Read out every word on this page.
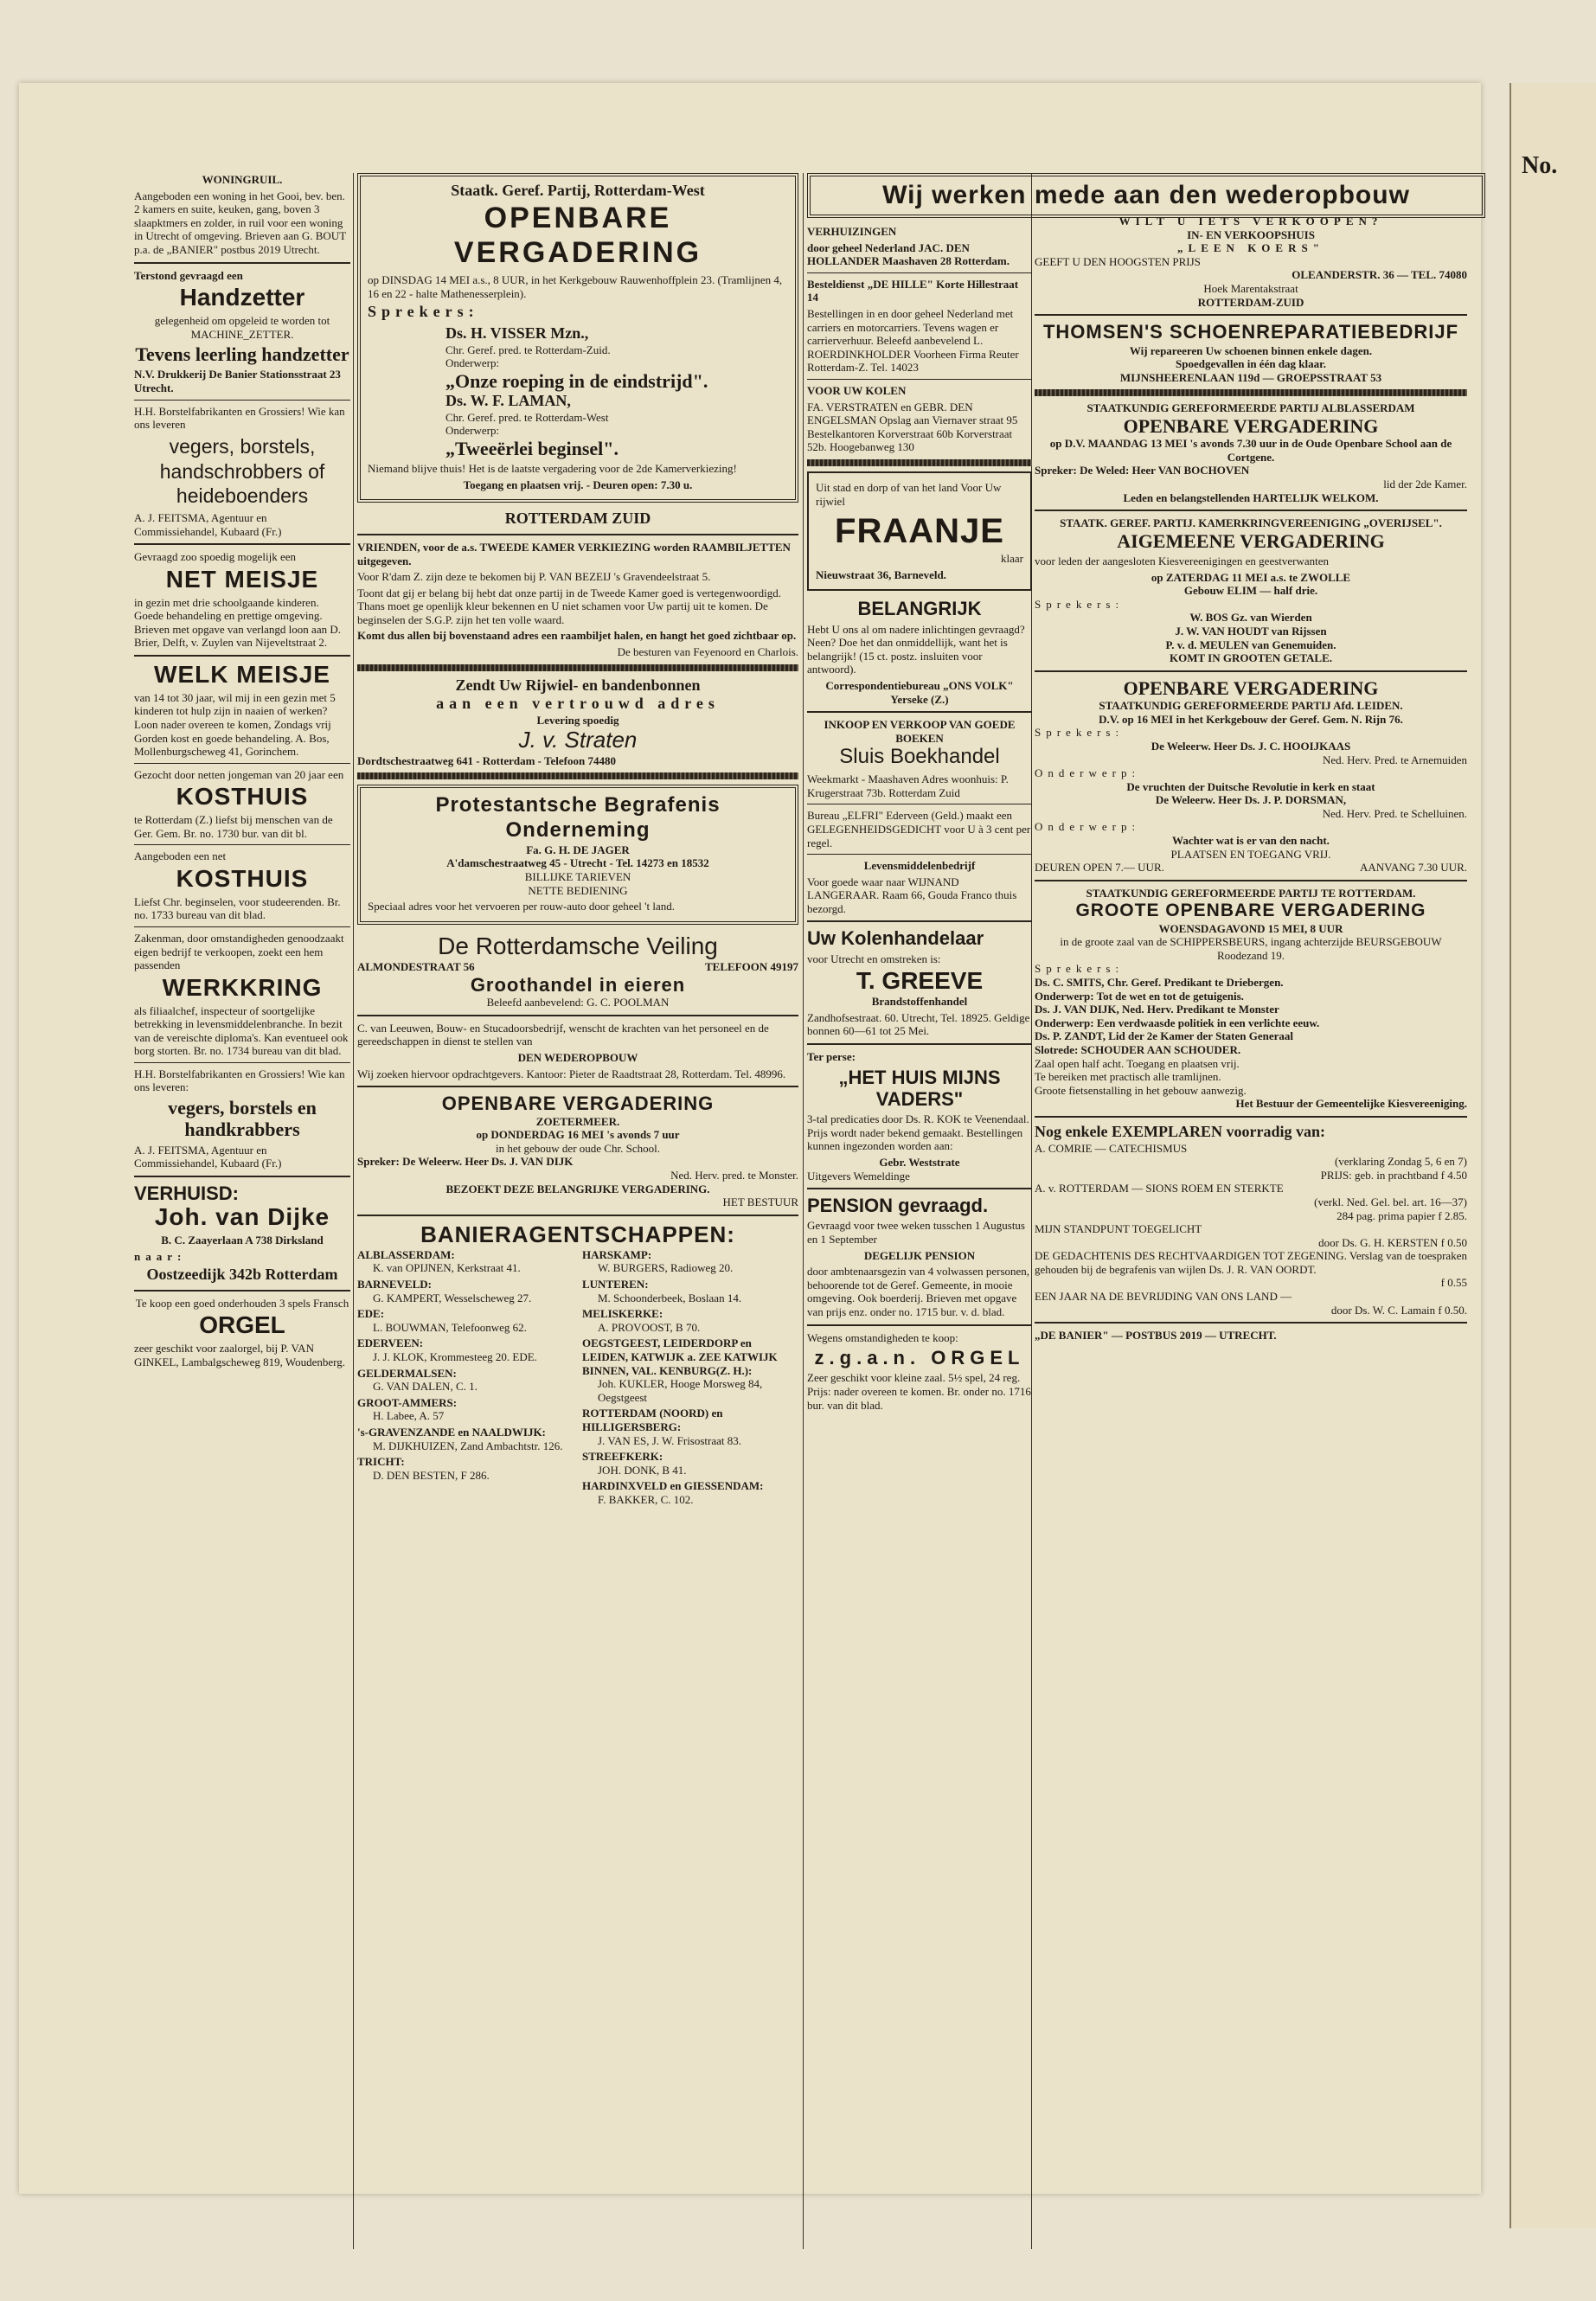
No.
WONINGRUIL.

Aangeboden een woning in het Gooi, bev. ben. 2 kamers en suite, keuken, gang, boven 3 slaapktmers en zolder, in ruil voor een woning in Utrecht of omgeving. Brieven aan G. BOUT p.a. de „BANIER" postbus 2019 Utrecht.

Terstond gevraagd een

Handzetter

gelegenheid om opgeleid te worden tot MACHINE_ZETTER.

Tevens leerling handzetter

N.V. Drukkerij De Banier Stationsstraat 23 Utrecht.

H.H. Borstelfabrikanten en Grossiers! Wie kan ons leveren

vegers, borstels, handschrobbers of heideboenders

A. J. FEITSMA, Agentuur en Commissiehandel, Kubaard (Fr.)

Gevraagd zoo spoedig mogelijk een

NET MEISJE

in gezin met drie schoolgaande kinderen. Goede behandeling en prettige omgeving. Brieven met opgave van verlangd loon aan D. Brier, Delft, v. Zuylen van Nijeveltstraat 2.

WELK MEISJE

van 14 tot 30 jaar, wil mij in een gezin met 5 kinderen tot hulp zijn in naaien of werken? Loon nader overeen te komen, Zondags vrij Gorden kost en goede behandeling. A. Bos, Mollenburgscheweg 41, Gorinchem.

Gezocht door netten jongeman van 20 jaar een

KOSTHUIS

te Rotterdam (Z.) liefst bij menschen van de Ger. Gem. Br. no. 1730 bur. van dit bl.

Aangeboden een net

KOSTHUIS

Liefst Chr. beginselen, voor studeerenden. Br. no. 1733 bureau van dit blad.

Zakenman, door omstandigheden genoodzaakt eigen bedrijf te verkoopen, zoekt een hem passenden

WERKKRING

als filiaalchef, inspecteur of soortgelijke betrekking in levensmiddelenbranche. In bezit van de vereischte diploma's. Kan eventueel ook borg storten. Br. no. 1734 bureau van dit blad.

H.H. Borstelfabrikanten en Grossiers! Wie kan ons leveren:

vegers, borstels en handkrabbers

A. J. FEITSMA, Agentuur en Commissiehandel, Kubaard (Fr.)

VERHUISD:
Joh. van Dijke

B. C. Zaayerlaan A 738 Dirksland

naar:

Oostzeedijk 342b Rotterdam

Te koop een goed onderhouden 3 spels Fransch

ORGEL

zeer geschikt voor zaalorgel, bij P. VAN GINKEL, Lambalgscheweg 819, Woudenberg.

Staatk. Geref. Partij, Rotterdam-West
OPENBARE VERGADERING

op DINSDAG 14 MEI a.s., 8 UUR, in het Kerkgebouw Rauwenhoffplein 23. (Tramlijnen 4, 16 en 22 - halte Mathenesserplein).

Sprekers:

Ds. H. VISSER Mzn.,
Chr. Geref. pred. te Rotterdam-Zuid.
Onderwerp:
„Onze roeping in de eindstrijd".
Ds. W. F. LAMAN,
Chr. Geref. pred. te Rotterdam-West
Onderwerp:
„Tweeërlei beginsel".

Niemand blijve thuis! Het is de laatste vergadering voor de 2de Kamerverkiezing!

Toegang en plaatsen vrij. - Deuren open: 7.30 u.

ROTTERDAM ZUID

VRIENDEN, voor de a.s. TWEEDE KAMER VERKIEZING worden RAAMBILJETTEN uitgegeven.

Voor R'dam Z. zijn deze te bekomen bij P. VAN BEZEIJ 's Gravendeelstraat 5.

Toont dat gij er belang bij hebt dat onze partij in de Tweede Kamer goed is vertegenwoordigd. Thans moet ge openlijk kleur bekennen en U niet schamen voor Uw partij uit te komen. De beginselen der S.G.P. zijn het ten volle waard.

Komt dus allen bij bovenstaand adres een raambiljet halen, en hangt het goed zichtbaar op.

De besturen van Feyenoord en Charlois.

Zendt Uw Rijwiel- en bandenbonnen
aan een vertrouwd adres
Levering spoedig
J. v. Straten
Dordtschestraatweg 641 - Rotterdam - Telefoon 74480
Protestantsche Begrafenis Onderneming
Fa. G. H. DE JAGER
A'damschestraatweg 45 - Utrecht - Tel. 14273 en 18532
BILLIJKE TARIEVEN
NETTE BEDIENING

Speciaal adres voor het vervoeren per rouw-auto door geheel 't land.

De Rotterdamsche Veiling
ALMONDESTRAAT 56	TELEFOON 49197
Groothandel in eieren
Beleefd aanbevelend: G. C. POOLMAN

C. van Leeuwen, Bouw- en Stucadoorsbedrijf, wenscht de krachten van het personeel en de gereedschappen in dienst te stellen van

DEN WEDEROPBOUW

Wij zoeken hiervoor opdrachtgevers. Kantoor: Pieter de Raadtstraat 28, Rotterdam. Tel. 48996.

OPENBARE VERGADERING
ZOETERMEER.
op DONDERDAG 16 MEI 's avonds 7 uur
in het gebouw der oude Chr. School.
Spreker: De Weleerw. Heer Ds. J. VAN DIJK
Ned. Herv. pred. te Monster.
BEZOEKT DEZE BELANGRIJKE VERGADERING.
HET BESTUUR
BANIERAGENTSCHAPPEN:
ALBLASSERDAM:
K. van OPIJNEN, Kerkstraat 41.
BARNEVELD:
G. KAMPERT, Wesselscheweg 27.
EDE:
L. BOUWMAN, Telefoonweg 62.
EDERVEEN:
J. J. KLOK, Krommesteeg 20. EDE.
GELDERMALSEN:
G. VAN DALEN, C. 1.
GROOT-AMMERS:
H. Labee, A. 57
's-GRAVENZANDE en NAALDWIJK:
M. DIJKHUIZEN, Zand Ambachtstr. 126.
TRICHT:
D. DEN BESTEN, F 286.
HARSKAMP:
W. BURGERS, Radioweg 20.
LUNTEREN:
M. Schoonderbeek, Boslaan 14.
MELISKERKE:
A. PROVOOST, B 70.
OEGSTGEEST, LEIDERDORP en LEIDEN, KATWIJK a. ZEE KATWIJK BINNEN, VAL. KENBURG(Z. H.):
Joh. KUKLER, Hooge Morsweg 84, Oegstgeest
ROTTERDAM (NOORD) en HILLIGERSBERG:
J. VAN ES, J. W. Frisostraat 83.
STREEFKERK:
JOH. DONK, B 41.
HARDINXVELD en GIESSENDAM:
F. BAKKER, C. 102.
Wij werken mede aan den wederopbouw
VERHUIZINGEN

door geheel Nederland JAC. DEN HOLLANDER Maashaven 28 Rotterdam.

Besteldienst „DE HILLE" Korte Hillestraat 14

Bestellingen in en door geheel Nederland met carriers en motorcarriers. Tevens wagen er carrierverhuur. Beleefd aanbevelend L. ROERDINKHOLDER Voorheen Firma Reuter Rotterdam-Z. Tel. 14023

VOOR UW KOLEN

FA. VERSTRATEN en GEBR. DEN ENGELSMAN Opslag aan Viernaver straat 95 Bestelkantoren Korverstraat 60b Korverstraat 52b. Hoogebanweg 130

Uit stad en dorp of van het land Voor Uw rijwiel

FRAANJE
klaar

Nieuwstraat 36, Barneveld.

BELANGRIJK

Hebt U ons al om nadere inlichtingen gevraagd? Neen? Doe het dan onmiddellijk, want het is belangrijk! (15 ct. postz. insluiten voor antwoord).

Correspondentiebureau „ONS VOLK" Yerseke (Z.)

INKOOP EN VERKOOP VAN GOEDE BOEKEN
Sluis Boekhandel

Weekmarkt - Maashaven Adres woonhuis: P. Krugerstraat 73b. Rotterdam Zuid

Bureau „ELFRI" Ederveen (Geld.) maakt een GELEGENHEIDSGEDICHT voor U à 3 cent per regel.

Levensmiddelenbedrijf

Voor goede waar naar WIJNAND LANGERAAR. Raam 66, Gouda Franco thuis bezorgd.

Uw Kolenhandelaar

voor Utrecht en omstreken is:

T. GREEVE
Brandstoffenhandel

Zandhofsestraat. 60. Utrecht, Tel. 18925. Geldige bonnen 60—61 tot 25 Mei.

Ter perse:

„HET HUIS MIJNS VADERS"

3-tal predicaties door Ds. R. KOK te Veenendaal. Prijs wordt nader bekend gemaakt. Bestellingen kunnen ingezonden worden aan:

Gebr. Weststrate
Uitgevers Wemeldinge
PENSION gevraagd.

Gevraagd voor twee weken tusschen 1 Augustus en 1 September

DEGELIJK PENSION

door ambtenaarsgezin van 4 volwassen personen, behoorende tot de Geref. Gemeente, in mooie omgeving. Ook boerderij. Brieven met opgave van prijs enz. onder no. 1715 bur. v. d. blad.

Wegens omstandigheden te koop:

z.g.a.n. ORGEL

Zeer geschikt voor kleine zaal. 5½ spel, 24 reg. Prijs: nader overeen te komen. Br. onder no. 1716 bur. van dit blad.

WILT U IETS VERKOOPEN?
IN- EN VERKOOPSHUIS
„LEEN KOERS"
GEEFT U DEN HOOGSTEN PRIJS
OLEANDERSTR. 36 — TEL. 74080
Hoek Marentakstraat
ROTTERDAM-ZUID
THOMSEN'S SCHOENREPARATIEBEDRIJF
Wij repareeren Uw schoenen binnen enkele dagen.
Spoedgevallen in één dag klaar.
MIJNSHEERENLAAN 119d — GROEPSSTRAAT 53
STAATKUNDIG GEREFORMEERDE PARTIJ ALBLASSERDAM
OPENBARE VERGADERING
op D.V. MAANDAG 13 MEI 's avonds 7.30 uur in de Oude Openbare School aan de Cortgene.
Spreker: De Weled: Heer VAN BOCHOVEN
lid der 2de Kamer.
Leden en belangstellenden HARTELIJK WELKOM.
STAATK. GEREF. PARTIJ. KAMERKRINGVEREENIGING „OVERIJSEL".
AIGEMEENE VERGADERING

voor leden der aangesloten Kiesvereenigingen en geestverwanten

op ZATERDAG 11 MEI a.s. te ZWOLLE
Gebouw ELIM — half drie.
Sprekers:
W. BOS Gz. van Wierden
J. W. VAN HOUDT van Rijssen
P. v. d. MEULEN van Genemuiden.
KOMT IN GROOTEN GETALE.
OPENBARE VERGADERING
STAATKUNDIG GEREFORMEERDE PARTIJ Afd. LEIDEN.
D.V. op 16 MEI in het Kerkgebouw der Geref. Gem. N. Rijn 76.
Sprekers:
De Weleerw. Heer Ds. J. C. HOOIJKAAS
Ned. Herv. Pred. te Arnemuiden
Onderwerp:
De vruchten der Duitsche Revolutie in kerk en staat
De Weleerw. Heer Ds. J. P. DORSMAN,
Ned. Herv. Pred. te Schelluinen.
Onderwerp:
Wachter wat is er van den nacht.
PLAATSEN EN TOEGANG VRIJ.
DEUREN OPEN 7.— UUR.	AANVANG 7.30 UUR.
STAATKUNDIG GEREFORMEERDE PARTIJ TE ROTTERDAM.
GROOTE OPENBARE VERGADERING
WOENSDAGAVOND 15 MEI, 8 UUR
in de groote zaal van de SCHIPPERSBEURS, ingang achterzijde BEURSGEBOUW Roodezand 19.
Sprekers:
Ds. C. SMITS, Chr. Geref. Predikant te Driebergen.
Onderwerp: Tot de wet en tot de getuigenis.
Ds. J. VAN DIJK, Ned. Herv. Predikant te Monster
Onderwerp: Een verdwaasde politiek in een verlichte eeuw.
Ds. P. ZANDT, Lid der 2e Kamer der Staten Generaal
Slotrede: SCHOUDER AAN SCHOUDER.
Zaal open half acht. Toegang en plaatsen vrij.
Te bereiken met practisch alle tramlijnen.
Groote fietsenstalling in het gebouw aanwezig.
Het Bestuur der Gemeentelijke Kiesvereeniging.
Nog enkele EXEMPLAREN voorradig van:
A. COMRIE — CATECHISMUS
(verklaring Zondag 5, 6 en 7)
PRIJS: geb. in prachtband f 4.50
A. v. ROTTERDAM — SIONS ROEM EN STERKTE
(verkl. Ned. Gel. bel. art. 16—37)
284 pag. prima papier f 2.85.
MIJN STANDPUNT TOEGELICHT
door Ds. G. H. KERSTEN f 0.50
DE GEDACHTENIS DES RECHTVAARDIGEN TOT ZEGENING. Verslag van de toespraken gehouden bij de begrafenis van wijlen Ds. J. R. VAN OORDT.
f 0.55
EEN JAAR NA DE BEVRIJDING VAN ONS LAND —
door Ds. W. C. Lamain f 0.50.
„DE BANIER" — POSTBUS 2019 — UTRECHT.
